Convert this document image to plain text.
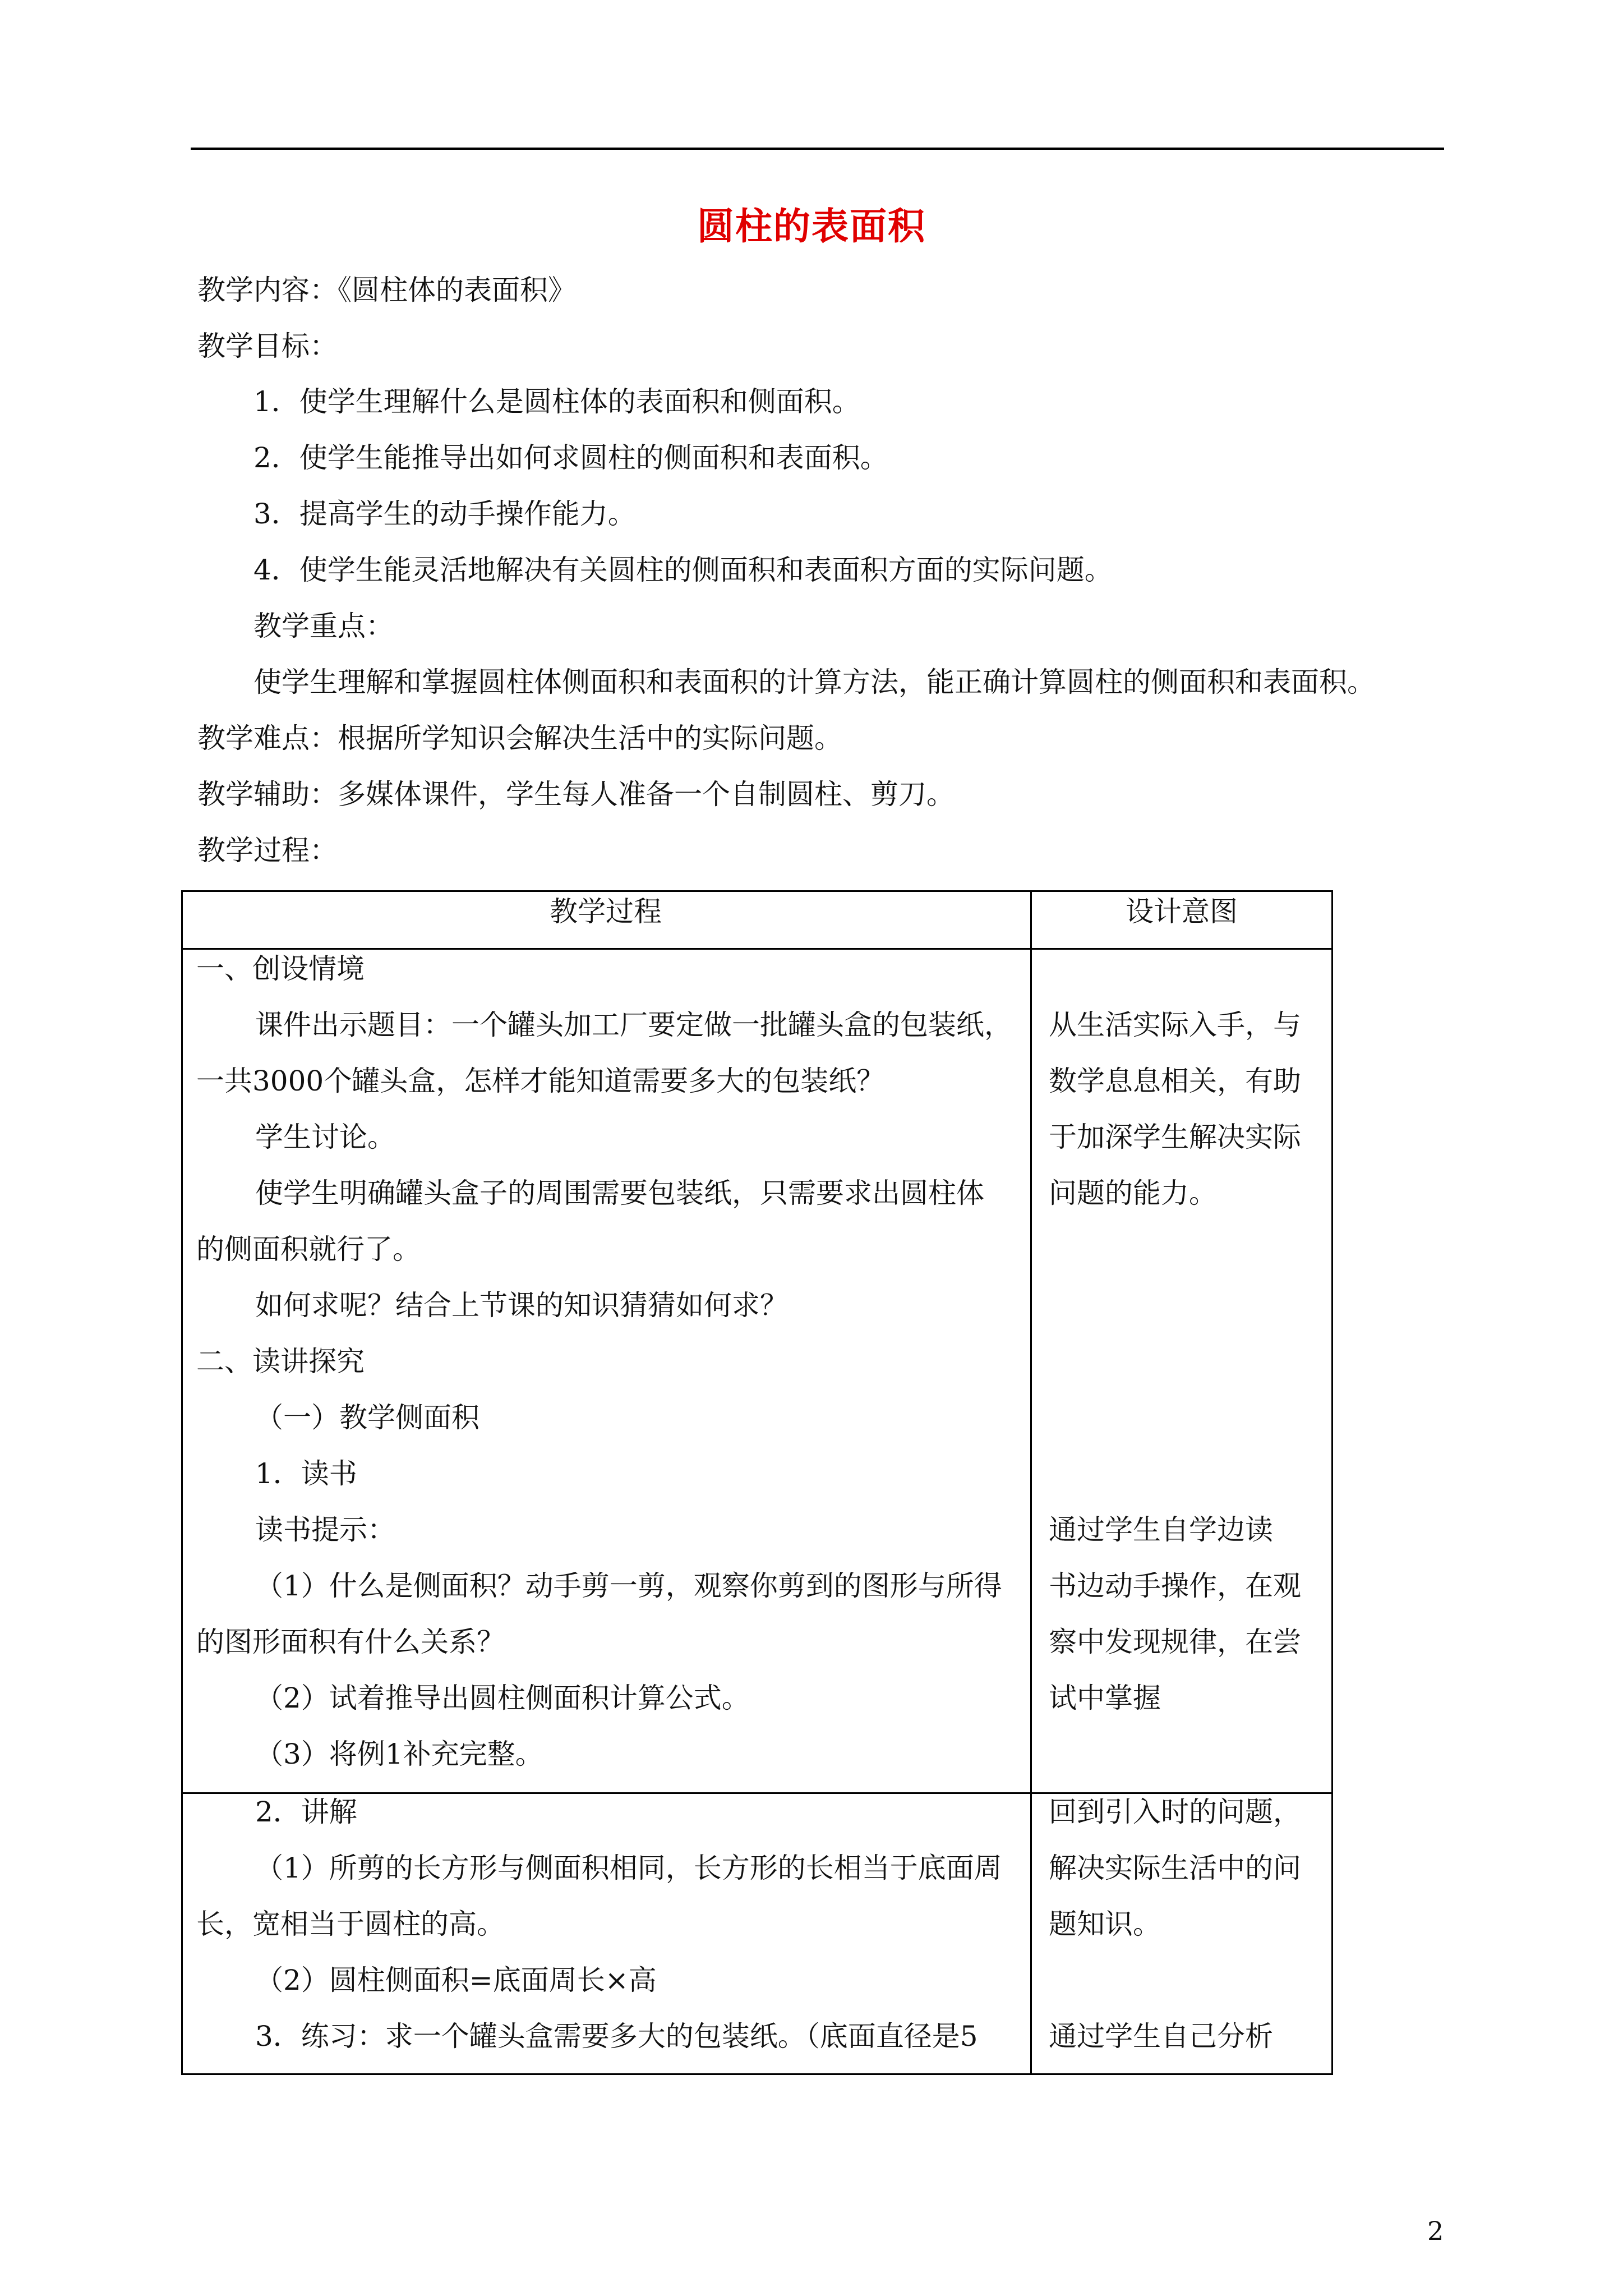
圆柱的表面积
教学内容：《圆柱体的表面积》
教学目标：
1．使学生理解什么是圆柱体的表面积和侧面积。
2．使学生能推导出如何求圆柱的侧面积和表面积。
3．提高学生的动手操作能力。
4．使学生能灵活地解决有关圆柱的侧面积和表面积方面的实际问题。
教学重点：
使学生理解和掌握圆柱体侧面积和表面积的计算方法，能正确计算圆柱的侧面积和表面积。
教学难点：根据所学知识会解决生活中的实际问题。
教学辅助：多媒体课件，学生每人准备一个自制圆柱、剪刀。
教学过程：
教学过程	设计意图
一、创设情境
课件出示题目：一个罐头加工厂要定做一批罐头盒的包装纸，
一共3000个罐头盒，怎样才能知道需要多大的包装纸？
学生讨论。
使学生明确罐头盒子的周围需要包装纸，只需要求出圆柱体
的侧面积就行了。
如何求呢？结合上节课的知识猜猜如何求？
二、读讲探究
（一）教学侧面积
1．读书
读书提示：
（1）什么是侧面积？动手剪一剪，观察你剪到的图形与所得
的图形面积有什么关系？
（2）试着推导出圆柱侧面积计算公式。
（3）将例1补充完整。
2．讲解
（1）所剪的长方形与侧面积相同，长方形的长相当于底面周
长，宽相当于圆柱的高。
（2）圆柱侧面积=底面周长×高
3．练习：求一个罐头盒需要多大的包装纸。（底面直径是5
从生活实际入手，与
数学息息相关，有助
于加深学生解决实际
问题的能力。
通过学生自学边读
书边动手操作，在观
察中发现规律，在尝
试中掌握
回到引入时的问题，
解决实际生活中的问
题知识。
通过学生自己分析
2
